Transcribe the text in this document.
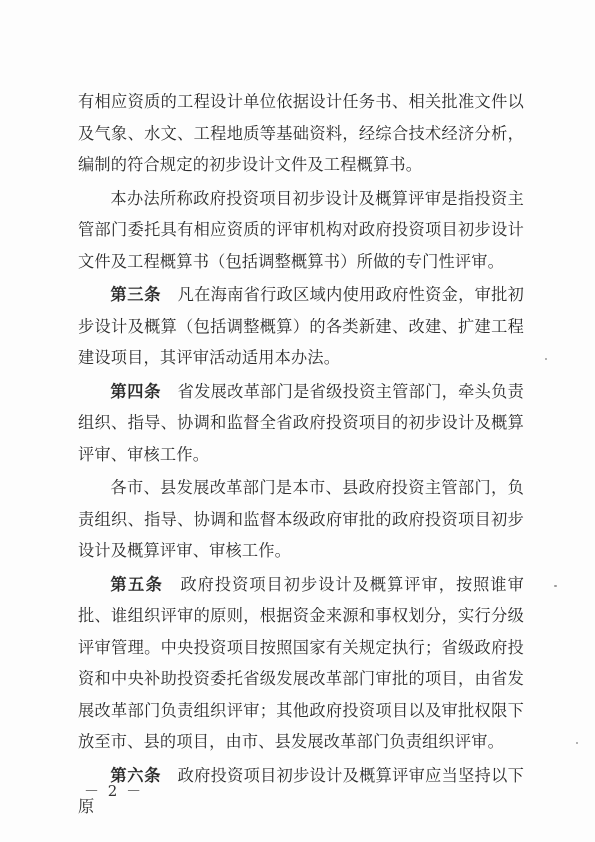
有相应资质的工程设计单位依据设计任务书、相关批准文件以及气象、水文、工程地质等基础资料，经综合技术经济分析，编制的符合规定的初步设计文件及工程概算书。

本办法所称政府投资项目初步设计及概算评审是指投资主管部门委托具有相应资质的评审机构对政府投资项目初步设计文件及工程概算书（包括调整概算书）所做的专门性评审。

第三条　 凡在海南省行政区域内使用政府性资金，审批初步设计及概算（包括调整概算）的各类新建、改建、扩建工程建设项目，其评审活动适用本办法。

第四条　 省发展改革部门是省级投资主管部门，牵头负责组织、指导、协调和监督全省政府投资项目的初步设计及概算评审、审核工作。

各市、县发展改革部门是本市、县政府投资主管部门，负责组织、指导、协调和监督本级政府审批的政府投资项目初步设计及概算评审、审核工作。

第五条　 政府投资项目初步设计及概算评审，按照谁审批、谁组织评审的原则，根据资金来源和事权划分，实行分级评审管理。中央投资项目按照国家有关规定执行；省级政府投资和中央补助投资委托省级发展改革部门审批的项目，由省发展改革部门负责组织评审；其他政府投资项目以及审批权限下放至市、县的项目，由市、县发展改革部门负责组织评审。

第六条　 政府投资项目初步设计及概算评审应当坚持以下原

－ 2 －
